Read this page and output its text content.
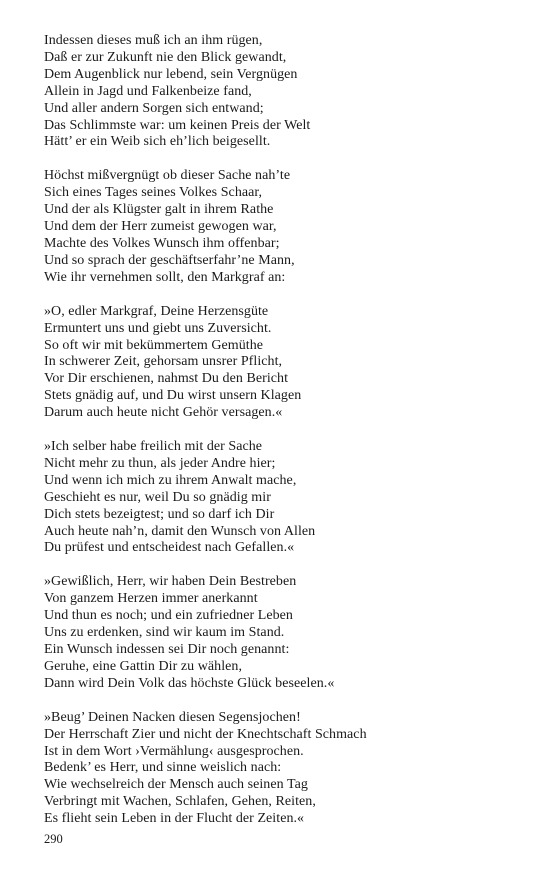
Indessen dieses muß ich an ihm rügen,
Daß er zur Zukunft nie den Blick gewandt,
Dem Augenblick nur lebend, sein Vergnügen
Allein in Jagd und Falkenbeize fand,
Und aller andern Sorgen sich entwand;
Das Schlimmste war: um keinen Preis der Welt
Hätt’ er ein Weib sich eh’lich beigesellt.
Höchst mißvergnügt ob dieser Sache nah’te
Sich eines Tages seines Volkes Schaar,
Und der als Klügster galt in ihrem Rathe
Und dem der Herr zumeist gewogen war,
Machte des Volkes Wunsch ihm offenbar;
Und so sprach der geschäftserfahr’ne Mann,
Wie ihr vernehmen sollt, den Markgraf an:
»O, edler Markgraf, Deine Herzensgüte
Ermuntert uns und giebt uns Zuversicht.
So oft wir mit bekümmertem Gemüthe
In schwerer Zeit, gehorsam unsrer Pflicht,
Vor Dir erschienen, nahmst Du den Bericht
Stets gnädig auf, und Du wirst unsern Klagen
Darum auch heute nicht Gehör versagen.«
»Ich selber habe freilich mit der Sache
Nicht mehr zu thun, als jeder Andre hier;
Und wenn ich mich zu ihrem Anwalt mache,
Geschieht es nur, weil Du so gnädig mir
Dich stets bezeigtest; und so darf ich Dir
Auch heute nah’n, damit den Wunsch von Allen
Du prüfest und entscheidest nach Gefallen.«
»Gewißlich, Herr, wir haben Dein Bestreben
Von ganzem Herzen immer anerkannt
Und thun es noch; und ein zufriedner Leben
Uns zu erdenken, sind wir kaum im Stand.
Ein Wunsch indessen sei Dir noch genannt:
Geruhe, eine Gattin Dir zu wählen,
Dann wird Dein Volk das höchste Glück beseelen.«
»Beug’ Deinen Nacken diesen Segensjochen!
Der Herrschaft Zier und nicht der Knechtschaft Schmach
Ist in dem Wort ›Vermählung‹ ausgesprochen.
Bedenk’ es Herr, und sinne weislich nach:
Wie wechselreich der Mensch auch seinen Tag
Verbringt mit Wachen, Schlafen, Gehen, Reiten,
Es flieht sein Leben in der Flucht der Zeiten.«
290
